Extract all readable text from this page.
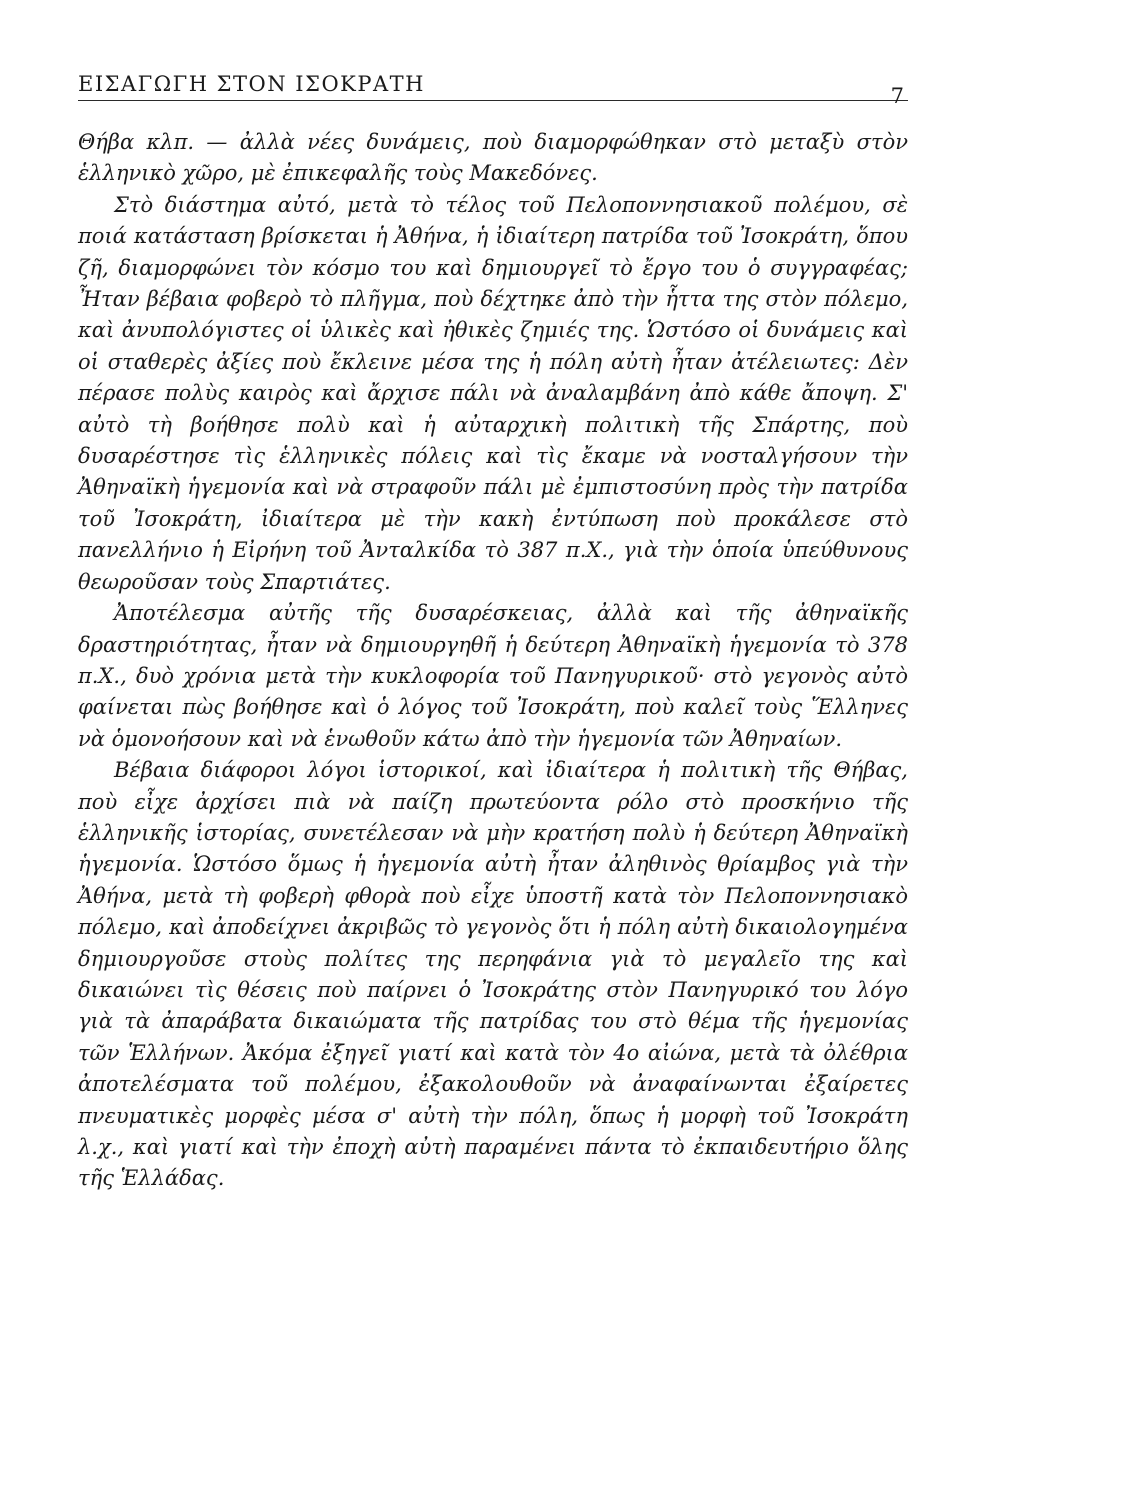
ΕΙΣΑΓΩΓΗ ΣΤΟΝ ΙΣΟΚΡΑΤΗ	7

Θήβα κλπ. — ἀλλὰ νέες δυνάμεις, ποὺ διαμορφώθηκαν στὸ μεταξὺ στὸν ἑλληνικὸ χῶρο, μὲ ἐπικεφαλῆς τοὺς Μακεδόνες.

Στὸ διάστημα αὐτό, μετὰ τὸ τέλος τοῦ Πελοποννησιακοῦ πολέμου, σὲ ποιά κατάσταση βρίσκεται ἡ Ἀθήνα, ἡ ἰδιαίτερη πατρίδα τοῦ Ἰσοκράτη, ὅπου ζῆ, διαμορφώνει τὸν κόσμο του καὶ δημιουργεῖ τὸ ἔργο του ὁ συγγραφέας; Ἦταν βέβαια φοβερὸ τὸ πλῆγμα, ποὺ δέχτηκε ἀπὸ τὴν ἧττα της στὸν πόλεμο, καὶ ἀνυπολόγιστες οἱ ὑλικὲς καὶ ἠθικὲς ζημιές της. Ὡστόσο οἱ δυνάμεις καὶ οἱ σταθερὲς ἀξίες ποὺ ἔκλεινε μέσα της ἡ πόλη αὐτὴ ἦταν ἀτέλειωτες: Δὲν πέρασε πολὺς καιρὸς καὶ ἄρχισε πάλι νὰ ἀναλαμβάνη ἀπὸ κάθε ἄποψη. Σ' αὐτὸ τὴ βοήθησε πολὺ καὶ ἡ αὐταρχικὴ πολιτικὴ τῆς Σπάρτης, ποὺ δυσαρέστησε τὶς ἑλληνικὲς πόλεις καὶ τὶς ἔκαμε νὰ νοσταλγήσουν τὴν Ἀθηναϊκὴ ἡγεμονία καὶ νὰ στραφοῦν πάλι μὲ ἐμπιστοσύνη πρὸς τὴν πατρίδα τοῦ Ἰσοκράτη, ἰδιαίτερα μὲ τὴν κακὴ ἐντύπωση ποὺ προκάλεσε στὸ πανελλήνιο ἡ Εἰρήνη τοῦ Ἀνταλκίδα τὸ 387 π.Χ., γιὰ τὴν ὁποία ὑπεύθυνους θεωροῦσαν τοὺς Σπαρτιάτες.

Ἀποτέλεσμα αὐτῆς τῆς δυσαρέσκειας, ἀλλὰ καὶ τῆς ἀθηναϊκῆς δραστηριότητας, ἦταν νὰ δημιουργηθῆ ἡ δεύτερη Ἀθηναϊκὴ ἡγεμονία τὸ 378 π.Χ., δυὸ χρόνια μετὰ τὴν κυκλοφορία τοῦ Πανηγυρικοῦ· στὸ γεγονὸς αὐτὸ φαίνεται πὼς βοήθησε καὶ ὁ λόγος τοῦ Ἰσοκράτη, ποὺ καλεῖ τοὺς Ἕλληνες νὰ ὁμονοήσουν καὶ νὰ ἑνωθοῦν κάτω ἀπὸ τὴν ἡγεμονία τῶν Ἀθηναίων.

Βέβαια διάφοροι λόγοι ἱστορικοί, καὶ ἰδιαίτερα ἡ πολιτικὴ τῆς Θήβας, ποὺ εἶχε ἀρχίσει πιὰ νὰ παίζη πρωτεύοντα ρόλο στὸ προσκήνιο τῆς ἑλληνικῆς ἱστορίας, συνετέλεσαν νὰ μὴν κρατήση πολὺ ἡ δεύτερη Ἀθηναϊκὴ ἡγεμονία. Ὡστόσο ὅμως ἡ ἡγεμονία αὐτὴ ἦταν ἀληθινὸς θρίαμβος γιὰ τὴν Ἀθήνα, μετὰ τὴ φοβερὴ φθορὰ ποὺ εἶχε ὑποστῆ κατὰ τὸν Πελοποννησιακὸ πόλεμο, καὶ ἀποδείχνει ἀκριβῶς τὸ γεγονὸς ὅτι ἡ πόλη αὐτὴ δικαιολογημένα δημιουργοῦσε στοὺς πολίτες της περηφάνια γιὰ τὸ μεγαλεῖο της καὶ δικαιώνει τὶς θέσεις ποὺ παίρνει ὁ Ἰσοκράτης στὸν Πανηγυρικό του λόγο γιὰ τὰ ἀπαράβατα δικαιώματα τῆς πατρίδας του στὸ θέμα τῆς ἡγεμονίας τῶν Ἑλλήνων. Ἀκόμα ἐξηγεῖ γιατί καὶ κατὰ τὸν 4ο αἰώνα, μετὰ τὰ ὀλέθρια ἀποτελέσματα τοῦ πολέμου, ἐξακολουθοῦν νὰ ἀναφαίνωνται ἐξαίρετες πνευματικὲς μορφὲς μέσα σ' αὐτὴ τὴν πόλη, ὅπως ἡ μορφὴ τοῦ Ἰσοκράτη λ.χ., καὶ γιατί καὶ τὴν ἐποχὴ αὐτὴ παραμένει πάντα τὸ ἐκπαιδευτήριο ὅλης τῆς Ἑλλάδας.
